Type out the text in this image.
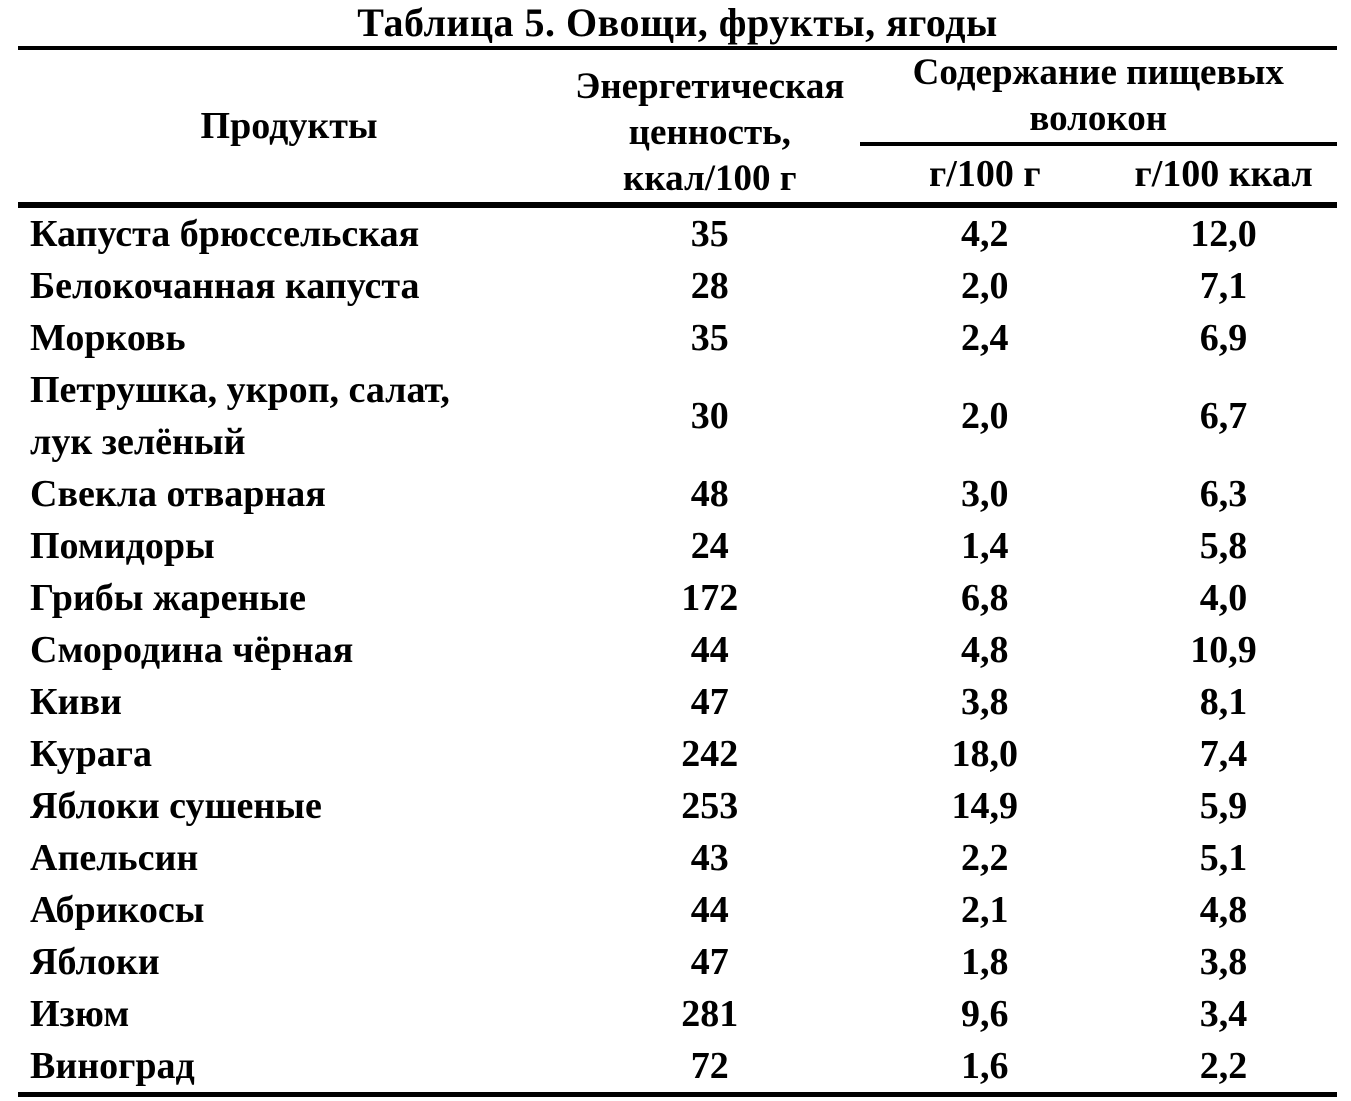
Таблица 5. Овощи, фрукты, ягоды
Продукты	Энергетическая ценность, ккал/100 г	Содержание пищевых волокон	
		г/100 г	г/100 ккал
Капуста брюссельская	35	4,2	12,0
Белокочанная капуста	28	2,0	7,1
Морковь	35	2,4	6,9
Петрушка, укроп, салат, лук зелёный	30	2,0	6,7
Свекла отварная	48	3,0	6,3
Помидоры	24	1,4	5,8
Грибы жареные	172	6,8	4,0
Смородина чёрная	44	4,8	10,9
Киви	47	3,8	8,1
Курага	242	18,0	7,4
Яблоки сушеные	253	14,9	5,9
Апельсин	43	2,2	5,1
Абрикосы	44	2,1	4,8
Яблоки	47	1,8	3,8
Изюм	281	9,6	3,4
Виноград	72	1,6	2,2
